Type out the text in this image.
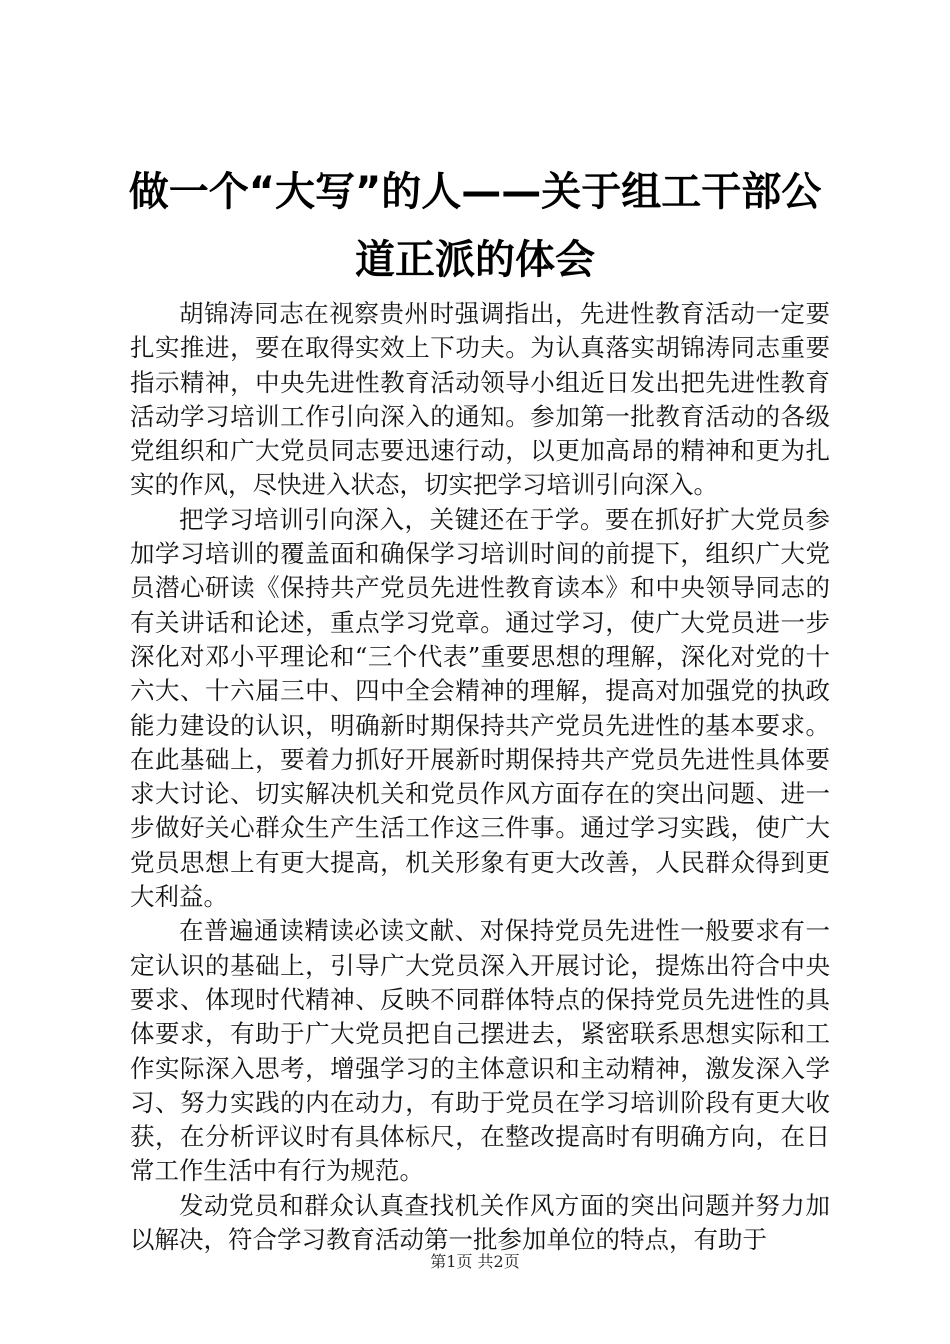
做一个“大写”的人——关于组工干部公道正派的体会

胡锦涛同志在视察贵州时强调指出，先进性教育活动一定要扎实推进，要在取得实效上下功夫。为认真落实胡锦涛同志重要指示精神，中央先进性教育活动领导小组近日发出把先进性教育活动学习培训工作引向深入的通知。参加第一批教育活动的各级党组织和广大党员同志要迅速行动，以更加高昂的精神和更为扎实的作风，尽快进入状态，切实把学习培训引向深入。

把学习培训引向深入，关键还在于学。要在抓好扩大党员参加学习培训的覆盖面和确保学习培训时间的前提下，组织广大党员潜心研读《保持共产党员先进性教育读本》和中央领导同志的有关讲话和论述，重点学习党章。通过学习，使广大党员进一步深化对邓小平理论和“三个代表”重要思想的理解，深化对党的十六大、十六届三中、四中全会精神的理解，提高对加强党的执政能力建设的认识，明确新时期保持共产党员先进性的基本要求。在此基础上，要着力抓好开展新时期保持共产党员先进性具体要求大讨论、切实解决机关和党员作风方面存在的突出问题、进一步做好关心群众生产生活工作这三件事。通过学习实践，使广大党员思想上有更大提高，机关形象有更大改善，人民群众得到更大利益。

在普遍通读精读必读文献、对保持党员先进性一般要求有一定认识的基础上，引导广大党员深入开展讨论，提炼出符合中央要求、体现时代精神、反映不同群体特点的保持党员先进性的具体要求，有助于广大党员把自己摆进去，紧密联系思想实际和工作实际深入思考，增强学习的主体意识和主动精神，激发深入学习、努力实践的内在动力，有助于党员在学习培训阶段有更大收获，在分析评议时有具体标尺，在整改提高时有明确方向，在日常工作生活中有行为规范。

发动党员和群众认真查找机关作风方面的突出问题并努力加以解决，符合学习教育活动第一批参加单位的特点，有助于

第1页 共2页
